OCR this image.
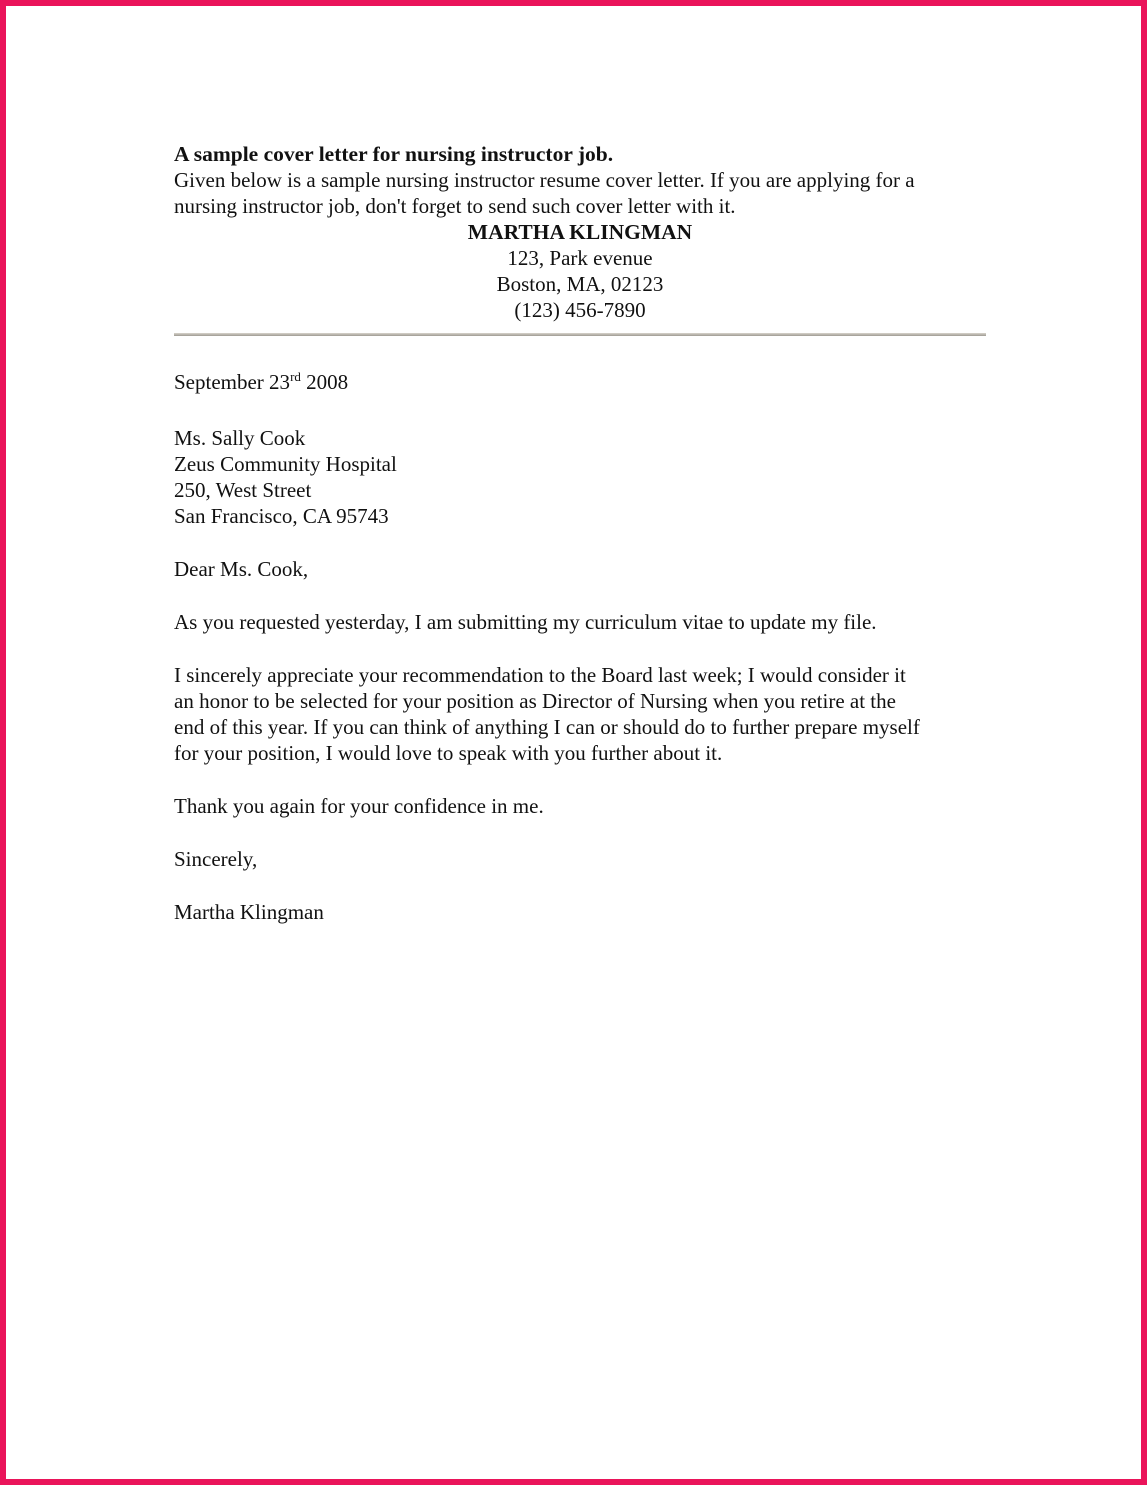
A sample cover letter for nursing instructor job.
Given below is a sample nursing instructor resume cover letter. If you are applying for a
nursing instructor job, don't forget to send such cover letter with it.
MARTHA KLINGMAN
123, Park evenue
Boston, MA, 02123
(123) 456-7890
September 23rd 2008
Ms. Sally Cook
Zeus Community Hospital
250, West Street
San Francisco, CA 95743
Dear Ms. Cook,
As you requested yesterday, I am submitting my curriculum vitae to update my file.
I sincerely appreciate your recommendation to the Board last week; I would consider it
an honor to be selected for your position as Director of Nursing when you retire at the
end of this year. If you can think of anything I can or should do to further prepare myself
for your position, I would love to speak with you further about it.
Thank you again for your confidence in me.
Sincerely,
Martha Klingman
